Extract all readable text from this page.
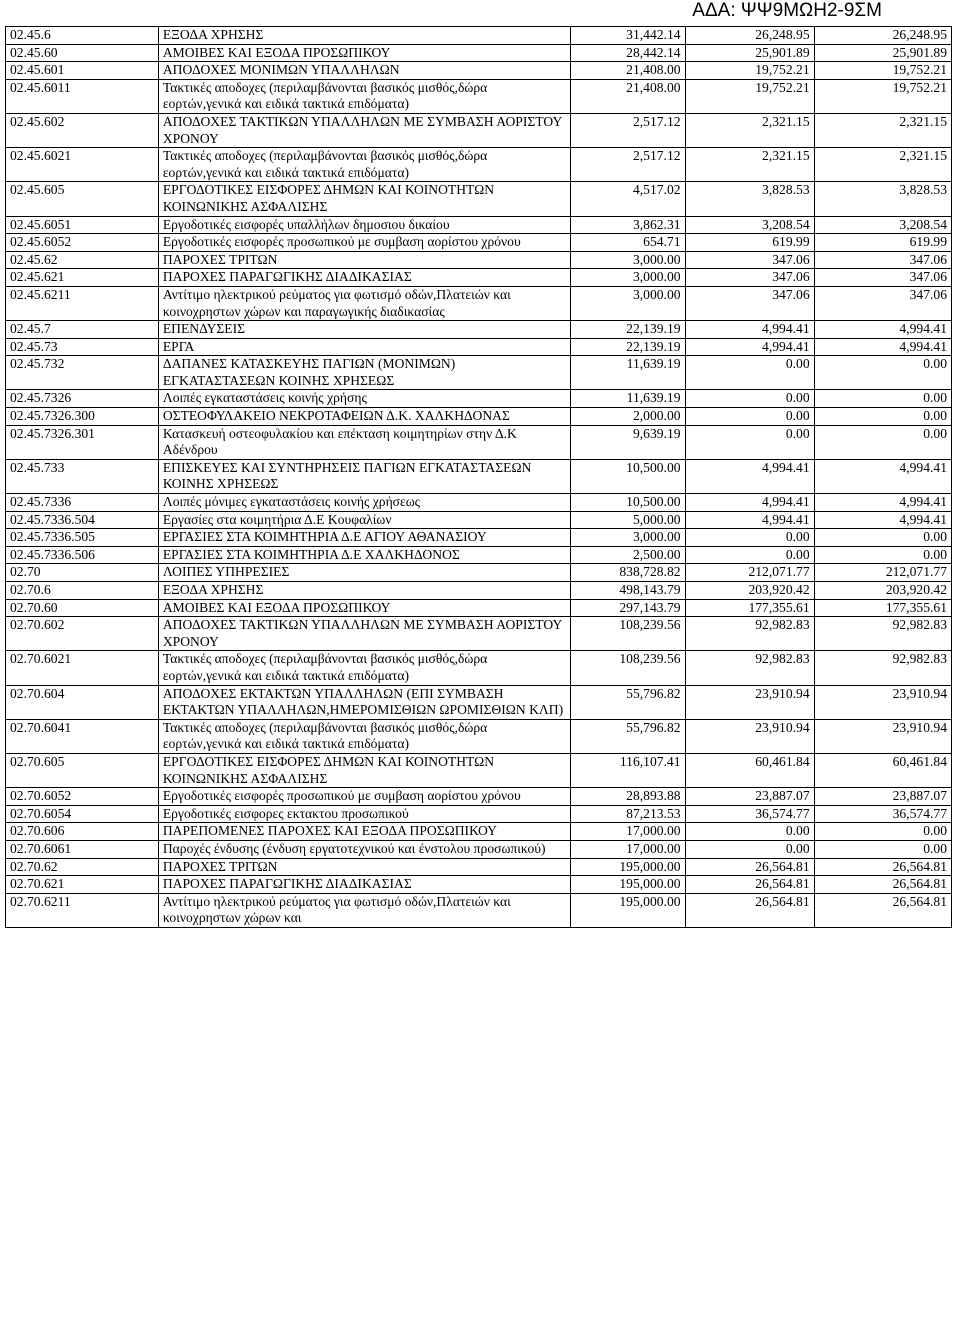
ΑΔΑ: ΨΨ9ΜΩΗ2-9ΣΜ
02.45.6	ΕΞΟΔΑ ΧΡΗΣΗΣ	31,442.14	26,248.95	26,248.95
02.45.60	ΑΜΟΙΒΕΣ ΚΑΙ ΕΞΟΔΑ ΠΡΟΣΩΠΙΚΟΥ	28,442.14	25,901.89	25,901.89
02.45.601	ΑΠΟΔΟΧΕΣ ΜΟΝΙΜΩΝ ΥΠΑΛΛΗΛΩΝ	21,408.00	19,752.21	19,752.21
02.45.6011	Τακτικές αποδοχες (περιλαμβάνονται βασικός μισθός,δώρα εορτών,γενικά και ειδικά τακτικά επιδόματα)	21,408.00	19,752.21	19,752.21
02.45.602	ΑΠΟΔΟΧΕΣ ΤΑΚΤΙΚΩΝ ΥΠΑΛΛΗΛΩΝ ΜΕ ΣΥΜΒΑΣΗ ΑΟΡΙΣΤΟΥ ΧΡΟΝΟΥ	2,517.12	2,321.15	2,321.15
02.45.6021	Τακτικές αποδοχες (περιλαμβάνονται βασικός μισθός,δώρα εορτών,γενικά και ειδικά τακτικά επιδόματα)	2,517.12	2,321.15	2,321.15
02.45.605	ΕΡΓΟΔΟΤΙΚΕΣ ΕΙΣΦΟΡΕΣ ΔΗΜΩΝ ΚΑΙ ΚΟΙΝΟΤΗΤΩΝ ΚΟΙΝΩΝΙΚΗΣ ΑΣΦΑΛΙΣΗΣ	4,517.02	3,828.53	3,828.53
02.45.6051	Εργοδοτικές εισφορές υπαλλήλων δημοσιου δικαίου	3,862.31	3,208.54	3,208.54
02.45.6052	Εργοδοτικές εισφορές προσωπικού με συμβαση αορίστου χρόνου	654.71	619.99	619.99
02.45.62	ΠΑΡΟΧΕΣ ΤΡΙΤΩΝ	3,000.00	347.06	347.06
02.45.621	ΠΑΡΟΧΕΣ ΠΑΡΑΓΩΓΙΚΗΣ ΔΙΑΔΙΚΑΣΙΑΣ	3,000.00	347.06	347.06
02.45.6211	Αντίτιμο ηλεκτρικού ρεύματος για φωτισμό οδών,Πλατειών και κοινοχρηστων χώρων και παραγωγικής διαδικασίας	3,000.00	347.06	347.06
02.45.7	ΕΠΕΝΔΥΣΕΙΣ	22,139.19	4,994.41	4,994.41
02.45.73	ΕΡΓΑ	22,139.19	4,994.41	4,994.41
02.45.732	ΔΑΠΑΝΕΣ ΚΑΤΑΣΚΕΥΗΣ ΠΑΓΙΩΝ (ΜΟΝΙΜΩΝ) ΕΓΚΑΤΑΣΤΑΣΕΩΝ ΚΟΙΝΗΣ ΧΡΗΣΕΩΣ	11,639.19	0.00	0.00
02.45.7326	Λοιπές εγκαταστάσεις κοινής χρήσης	11,639.19	0.00	0.00
02.45.7326.300	ΟΣΤΕΟΦΥΛΑΚΕΙΟ ΝΕΚΡΟΤΑΦΕΙΩΝ Δ.Κ. ΧΑΛΚΗΔΟΝΑΣ	2,000.00	0.00	0.00
02.45.7326.301	Κατασκευή οστεοφυλακίου και επέκταση κοιμητηρίων στην Δ.Κ Αδένδρου	9,639.19	0.00	0.00
02.45.733	ΕΠΙΣΚΕΥΕΣ ΚΑΙ ΣΥΝΤΗΡΗΣΕΙΣ ΠΑΓΙΩΝ ΕΓΚΑΤΑΣΤΑΣΕΩΝ ΚΟΙΝΗΣ ΧΡΗΣΕΩΣ	10,500.00	4,994.41	4,994.41
02.45.7336	Λοιπές μόνιμες εγκαταστάσεις κοινής χρήσεως	10,500.00	4,994.41	4,994.41
02.45.7336.504	Εργασίες στα κοιμητήρια Δ.Ε Κουφαλίων	5,000.00	4,994.41	4,994.41
02.45.7336.505	ΕΡΓΑΣΙΕΣ ΣΤΑ ΚΟΙΜΗΤΗΡΙΑ Δ.Ε ΑΓΙΟΥ ΑΘΑΝΑΣΙΟΥ	3,000.00	0.00	0.00
02.45.7336.506	ΕΡΓΑΣΙΕΣ ΣΤΑ ΚΟΙΜΗΤΗΡΙΑ Δ.Ε ΧΑΛΚΗΔΟΝΟΣ	2,500.00	0.00	0.00
02.70	ΛΟΙΠΕΣ ΥΠΗΡΕΣΙΕΣ	838,728.82	212,071.77	212,071.77
02.70.6	ΕΞΟΔΑ ΧΡΗΣΗΣ	498,143.79	203,920.42	203,920.42
02.70.60	ΑΜΟΙΒΕΣ ΚΑΙ ΕΞΟΔΑ ΠΡΟΣΩΠΙΚΟΥ	297,143.79	177,355.61	177,355.61
02.70.602	ΑΠΟΔΟΧΕΣ ΤΑΚΤΙΚΩΝ ΥΠΑΛΛΗΛΩΝ ΜΕ ΣΥΜΒΑΣΗ ΑΟΡΙΣΤΟΥ ΧΡΟΝΟΥ	108,239.56	92,982.83	92,982.83
02.70.6021	Τακτικές αποδοχες (περιλαμβάνονται βασικός μισθός,δώρα εορτών,γενικά και ειδικά τακτικά επιδόματα)	108,239.56	92,982.83	92,982.83
02.70.604	ΑΠΟΔΟΧΕΣ ΕΚΤΑΚΤΩΝ ΥΠΑΛΛΗΛΩΝ (ΕΠΙ ΣΥΜΒΑΣΗ ΕΚΤΑΚΤΩΝ ΥΠΑΛΛΗΛΩΝ,ΗΜΕΡΟΜΙΣΘΙΩΝ ΩΡΟΜΙΣΘΙΩΝ ΚΛΠ)	55,796.82	23,910.94	23,910.94
02.70.6041	Τακτικές αποδοχες (περιλαμβάνονται βασικός μισθός,δώρα εορτών,γενικά και ειδικά τακτικά επιδόματα)	55,796.82	23,910.94	23,910.94
02.70.605	ΕΡΓΟΔΟΤΙΚΕΣ ΕΙΣΦΟΡΕΣ ΔΗΜΩΝ ΚΑΙ ΚΟΙΝΟΤΗΤΩΝ ΚΟΙΝΩΝΙΚΗΣ ΑΣΦΑΛΙΣΗΣ	116,107.41	60,461.84	60,461.84
02.70.6052	Εργοδοτικές εισφορές προσωπικού με συμβαση αορίστου χρόνου	28,893.88	23,887.07	23,887.07
02.70.6054	Εργοδοτικές εισφορες εκτακτου προσωπικού	87,213.53	36,574.77	36,574.77
02.70.606	ΠΑΡΕΠΟΜΕΝΕΣ ΠΑΡΟΧΕΣ ΚΑΙ ΕΞΟΔΑ ΠΡΟΣΩΠΙΚΟΥ	17,000.00	0.00	0.00
02.70.6061	Παροχές ένδυσης (ένδυση εργατοτεχνικού και ένστολου προσωπικού)	17,000.00	0.00	0.00
02.70.62	ΠΑΡΟΧΕΣ ΤΡΙΤΩΝ	195,000.00	26,564.81	26,564.81
02.70.621	ΠΑΡΟΧΕΣ ΠΑΡΑΓΩΓΙΚΗΣ ΔΙΑΔΙΚΑΣΙΑΣ	195,000.00	26,564.81	26,564.81
02.70.6211	Αντίτιμο ηλεκτρικού ρεύματος για φωτισμό οδών,Πλατειών και κοινοχρηστων χώρων και	195,000.00	26,564.81	26,564.81
